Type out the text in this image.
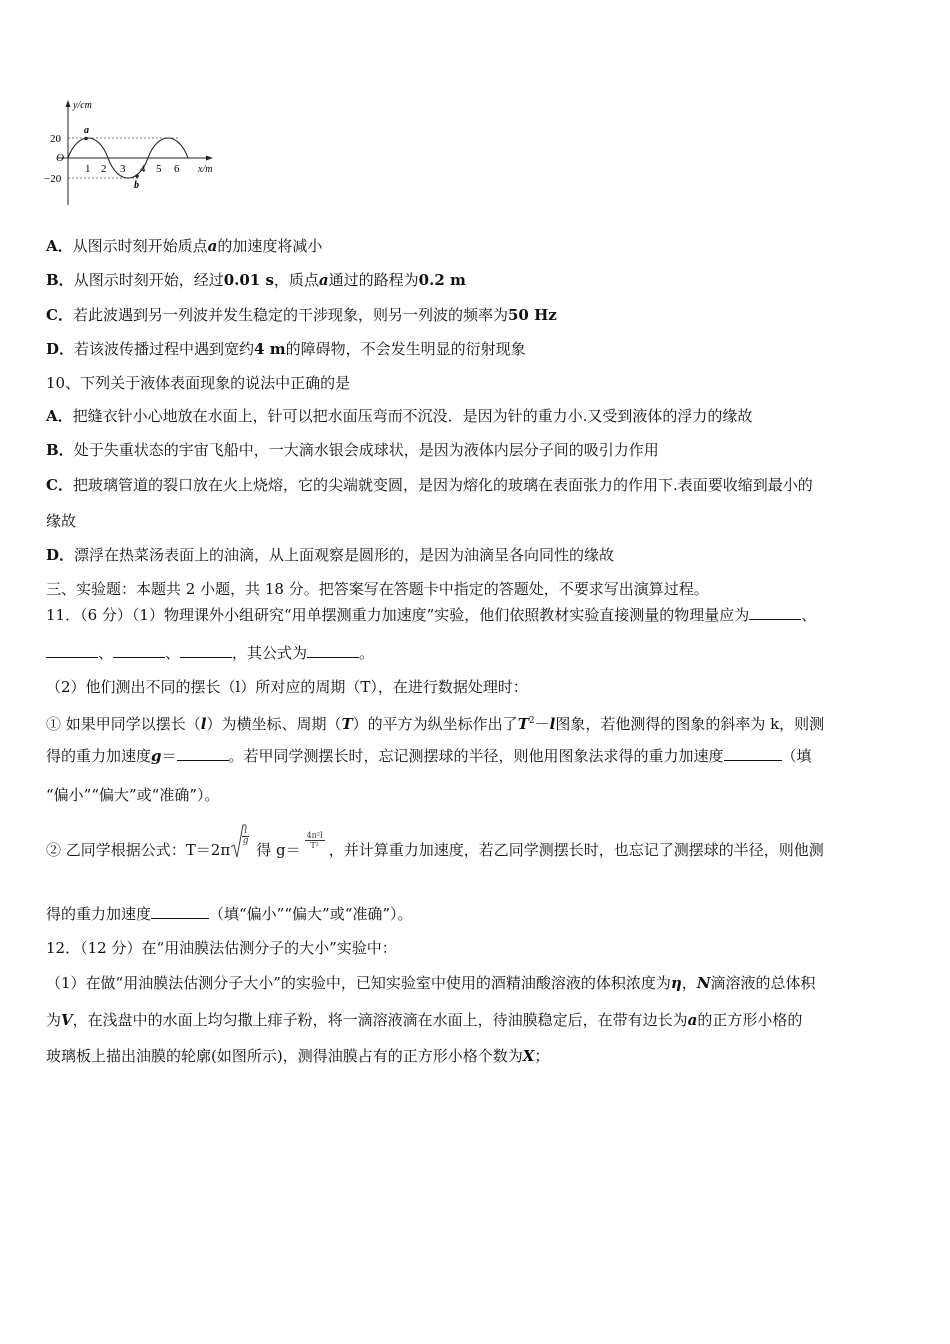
y/cm
x/m
20
O
−20
1 2 3 4 5 6
a
b
A．从图示时刻开始质点a的加速度将减小
B．从图示时刻开始，经过0.01 s，质点a通过的路程为0.2 m
C．若此波遇到另一列波并发生稳定的干涉现象，则另一列波的频率为50 Hz
D．若该波传播过程中遇到宽约4 m的障碍物，不会发生明显的衍射现象
10、下列关于液体表面现象的说法中正确的是
A．把缝衣针小心地放在水面上，针可以把水面压弯而不沉没．是因为针的重力小.又受到液体的浮力的缘故
B．处于失重状态的宇宙飞船中，一大滴水银会成球状，是因为液体内层分子间的吸引力作用
C．把玻璃管道的裂口放在火上烧熔，它的尖端就变圆，是因为熔化的玻璃在表面张力的作用下.表面要收缩到最小的
缘故
D．漂浮在热菜汤表面上的油滴，从上面观察是圆形的，是因为油滴呈各向同性的缘故
三、实验题：本题共 2 小题，共 18 分。把答案写在答题卡中指定的答题处，不要求写出演算过程。
11．（6 分）（1）物理课外小组研究“用单摆测重力加速度”实验，他们依照教材实验直接测量的物理量应为	、
、	、	，其公式为	。
（2）他们测出不同的摆长（l）所对应的周期（T），在进行数据处理时：
① 如果甲同学以摆长（l）为横坐标、周期（T）的平方为纵坐标作出了$T^2-l$图象，若他测得的图象的斜率为 k，则测
得的重力加速度g＝	。若甲同学测摆长时，忘记测摆球的半径，则他用图象法求得的重力加速度	（填
“偏小”“偏大”或“准确”）。
② 乙同学根据公式：T＝2π
$\frac{l}{g}$
得 g＝
$\frac{\text{4π²l}}{\text{T²}}$
，并计算重力加速度，若乙同学测摆长时，也忘记了测摆球的半径，则他测
得的重力加速度	（填“偏小”“偏大”或“准确”）。
12．（12 分）在“用油膜法估测分子的大小”实验中：
（1）在做“用油膜法估测分子大小”的实验中，已知实验室中使用的酒精油酸溶液的体积浓度为η，N滴溶液的总体积
为V，在浅盘中的水面上均匀撒上痱子粉，将一滴溶液滴在水面上，待油膜稳定后，在带有边长为a的正方形小格的
玻璃板上描出油膜的轮廓(如图所示)，测得油膜占有的正方形小格个数为X；
